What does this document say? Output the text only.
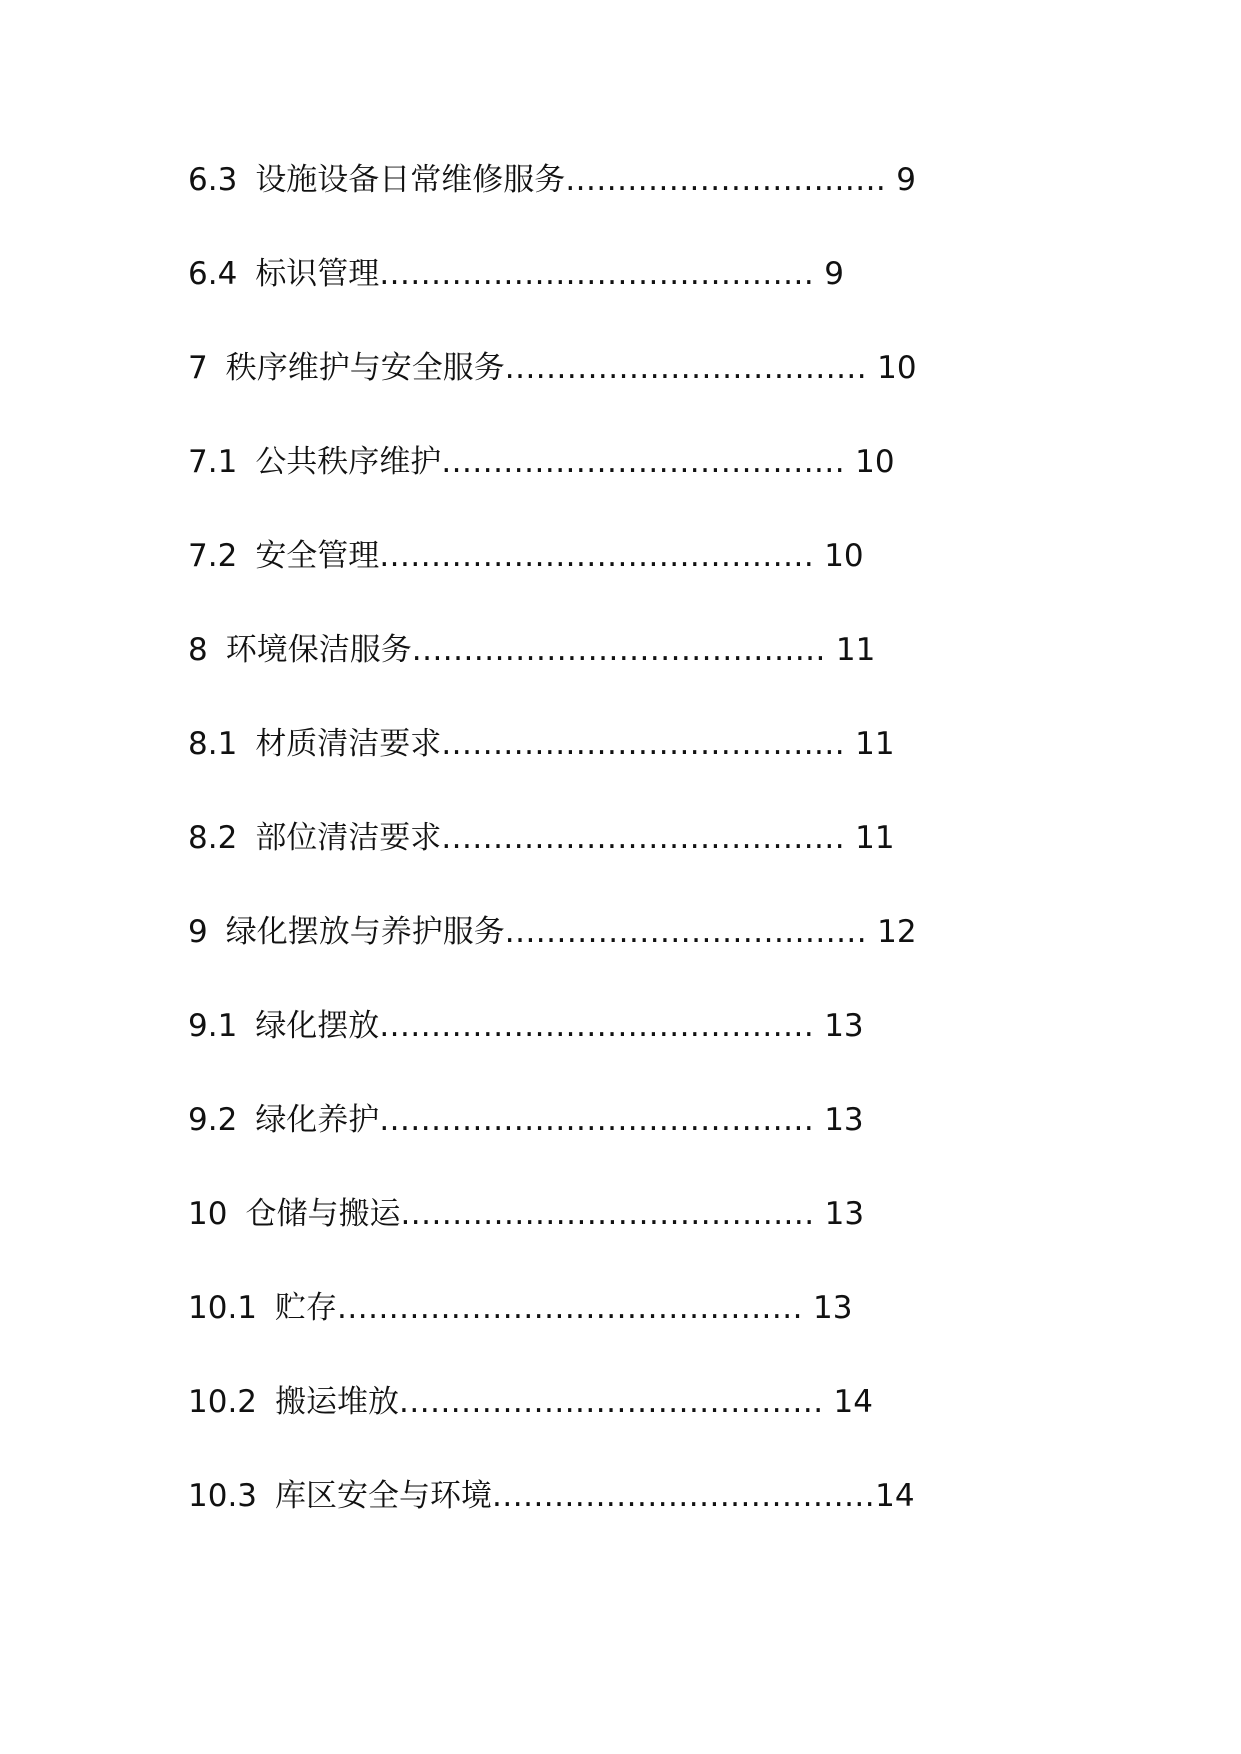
6.3 设施设备日常维修服务............................... 9
6.4 标识管理.......................................... 9
7 秩序维护与安全服务................................... 10
7.1 公共秩序维护....................................... 10
7.2 安全管理.......................................... 10
8 环境保洁服务........................................ 11
8.1 材质清洁要求....................................... 11
8.2 部位清洁要求....................................... 11
9 绿化摆放与养护服务................................... 12
9.1 绿化摆放.......................................... 13
9.2 绿化养护.......................................... 13
10 仓储与搬运........................................ 13
10.1 贮存............................................. 13
10.2 搬运堆放......................................... 14
10.3 库区安全与环境.....................................14
